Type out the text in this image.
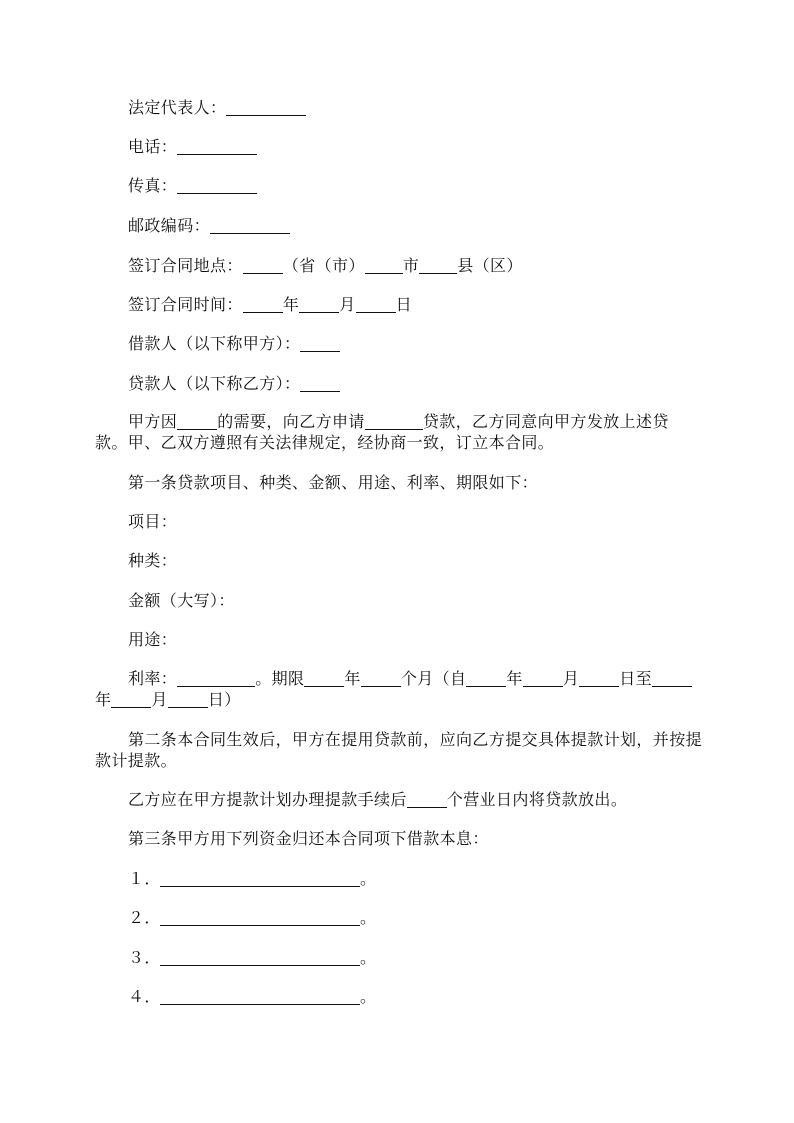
法定代表人：
电话：
传真：
邮政编码：
签订合同地点：	（省（市） 市 县（区）
签订合同时间：	年	月	日
借款人（以下称甲方）：
贷款人（以下称乙方）：
甲方因	的需要，向乙方申请	贷款，乙方同意向甲方发放上述贷
款。甲、乙双方遵照有关法律规定，经协商一致，订立本合同。
第一条贷款项目、种类、金额、用途、利率、期限如下：
项目：
种类：
金额（大写）：
用途：
利率：	。期限	年	个月（自	年	月	日至
年	月	日）
第二条本合同生效后，甲方在提用贷款前，应向乙方提交具体提款计划，并按提
款计提款。
乙方应在甲方提款计划办理提款手续后	个营业日内将贷款放出。
第三条甲方用下列资金归还本合同项下借款本息：
１．	。
２．	。
３．	。
４．	。
